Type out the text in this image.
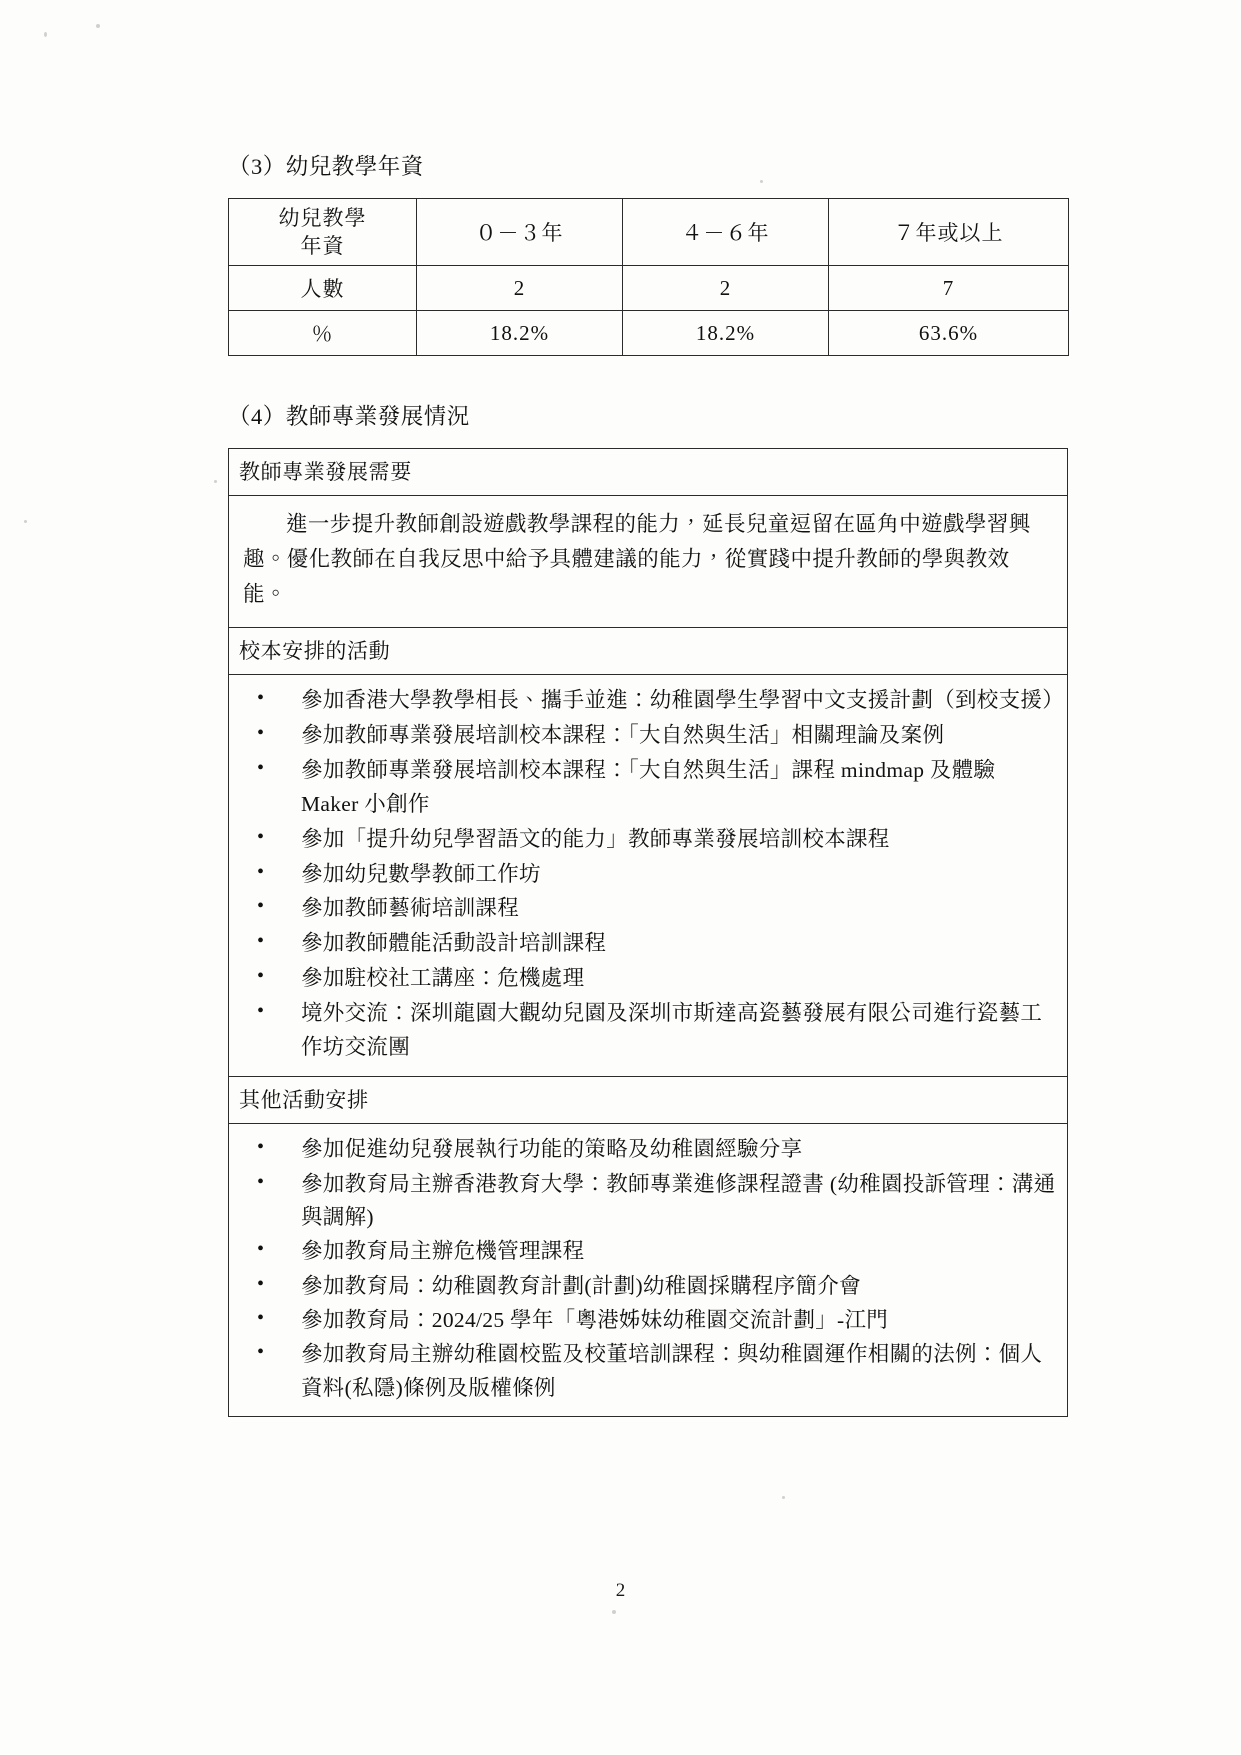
（3）幼兒教學年資

幼兒教學
年資	０－３年	４－６年	７年或以上
人數	2	2	7
％	18.2%	18.2%	63.6%

（4）教師專業發展情況

教師專業發展需要

進一步提升教師創設遊戲教學課程的能力，延長兒童逗留在區角中遊戲學習興趣。優化教師在自我反思中給予具體建議的能力，從實踐中提升教師的學與教效能。

校本安排的活動

• 參加香港大學教學相長、攜手並進：幼稚園學生學習中文支援計劃（到校支援）
• 參加教師專業發展培訓校本課程：「大自然與生活」相關理論及案例
• 參加教師專業發展培訓校本課程：「大自然與生活」課程 mindmap 及體驗 Maker 小創作
• 參加「提升幼兒學習語文的能力」教師專業發展培訓校本課程
• 參加幼兒數學教師工作坊
• 參加教師藝術培訓課程
• 參加教師體能活動設計培訓課程
• 參加駐校社工講座：危機處理
• 境外交流：深圳龍園大觀幼兒園及深圳市斯達高瓷藝發展有限公司進行瓷藝工作坊交流團

其他活動安排

• 參加促進幼兒發展執行功能的策略及幼稚園經驗分享
• 參加教育局主辦香港教育大學：教師專業進修課程證書 (幼稚園投訴管理：溝通與調解)
• 參加教育局主辦危機管理課程
• 參加教育局：幼稚園教育計劃(計劃)幼稚園採購程序簡介會
• 參加教育局：2024/25 學年「粵港姊妹幼稚園交流計劃」-江門
• 參加教育局主辦幼稚園校監及校董培訓課程：與幼稚園運作相關的法例：個人資料(私隱)條例及版權條例
2
